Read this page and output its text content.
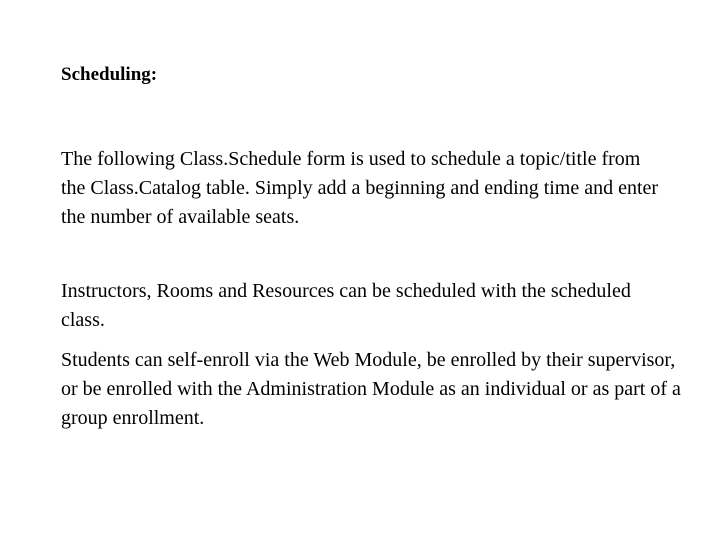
Scheduling:

The following Class.Schedule form is used to schedule a topic/title from the Class.Catalog table. Simply add a beginning and ending time and enter the number of available seats.

Instructors, Rooms and Resources can be scheduled with the scheduled class.

Students can self-enroll via the Web Module, be enrolled by their supervisor, or be enrolled with the Administration Module as an individual or as part of a group enrollment.
